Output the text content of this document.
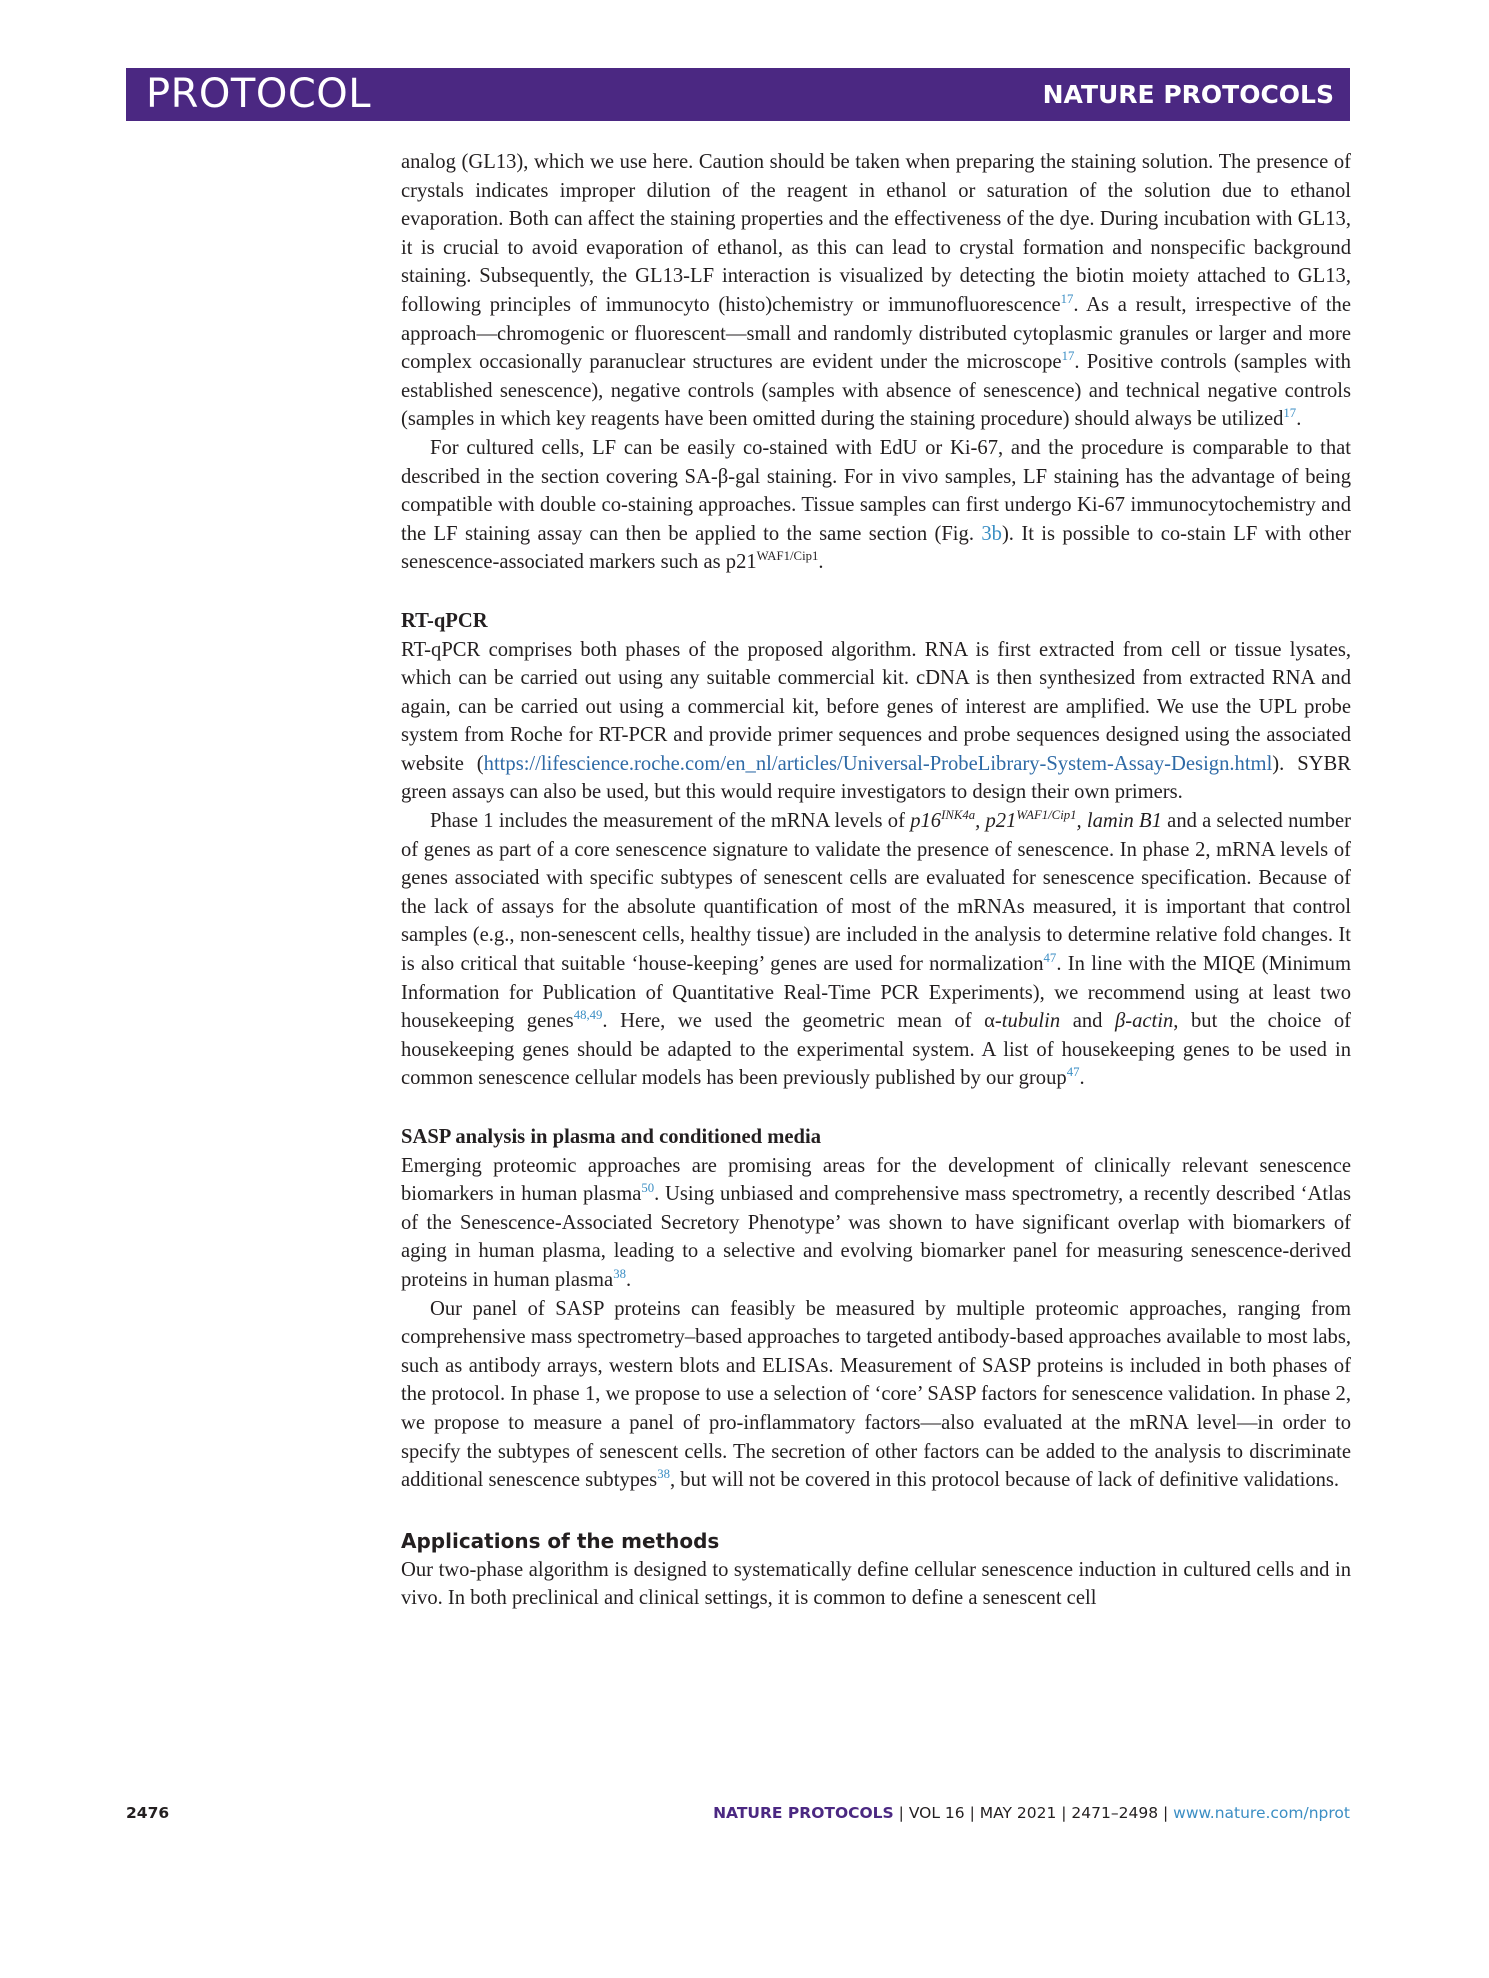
PROTOCOL	NATURE PROTOCOLS

analog (GL13), which we use here. Caution should be taken when preparing the staining solution. The presence of crystals indicates improper dilution of the reagent in ethanol or saturation of the solution due to ethanol evaporation. Both can affect the staining properties and the effectiveness of the dye. During incubation with GL13, it is crucial to avoid evaporation of ethanol, as this can lead to crystal formation and nonspecific background staining. Subsequently, the GL13-LF interaction is visualized by detecting the biotin moiety attached to GL13, following principles of immunocyto (histo)chemistry or immunofluorescence$^{17}$. As a result, irrespective of the approach—chromogenic or fluorescent—small and randomly distributed cytoplasmic granules or larger and more complex occasionally paranuclear structures are evident under the microscope$^{17}$. Positive controls (samples with established senescence), negative controls (samples with absence of senescence) and technical negative controls (samples in which key reagents have been omitted during the staining procedure) should always be utilized$^{17}$.

For cultured cells, LF can be easily co-stained with EdU or Ki-67, and the procedure is comparable to that described in the section covering SA-β-gal staining. For in vivo samples, LF staining has the advantage of being compatible with double co-staining approaches. Tissue samples can first undergo Ki-67 immunocytochemistry and the LF staining assay can then be applied to the same section (Fig. 3b). It is possible to co-stain LF with other senescence-associated markers such as $p21^{WAF1/Cip1}$.

RT-qPCR

RT-qPCR comprises both phases of the proposed algorithm. RNA is first extracted from cell or tissue lysates, which can be carried out using any suitable commercial kit. cDNA is then synthesized from extracted RNA and again, can be carried out using a commercial kit, before genes of interest are amplified. We use the UPL probe system from Roche for RT-PCR and provide primer sequences and probe sequences designed using the associated website (https://lifescience.roche.com/en_nl/articles/Universal-ProbeLibrary-System-Assay-Design.html). SYBR green assays can also be used, but this would require investigators to design their own primers.

Phase 1 includes the measurement of the mRNA levels of $p16^{INK4a}$, $p21^{WAF1/Cip1}$, lamin B1 and a selected number of genes as part of a core senescence signature to validate the presence of senescence. In phase 2, mRNA levels of genes associated with specific subtypes of senescent cells are evaluated for senescence specification. Because of the lack of assays for the absolute quantification of most of the mRNAs measured, it is important that control samples (e.g., non-senescent cells, healthy tissue) are included in the analysis to determine relative fold changes. It is also critical that suitable ‘house-keeping’ genes are used for normalization$^{47}$. In line with the MIQE (Minimum Information for Publication of Quantitative Real-Time PCR Experiments), we recommend using at least two housekeeping genes$^{48,49}$. Here, we used the geometric mean of α-tubulin and β-actin, but the choice of housekeeping genes should be adapted to the experimental system. A list of housekeeping genes to be used in common senescence cellular models has been previously published by our group$^{47}$.

SASP analysis in plasma and conditioned media

Emerging proteomic approaches are promising areas for the development of clinically relevant senescence biomarkers in human plasma$^{50}$. Using unbiased and comprehensive mass spectrometry, a recently described ‘Atlas of the Senescence-Associated Secretory Phenotype’ was shown to have significant overlap with biomarkers of aging in human plasma, leading to a selective and evolving biomarker panel for measuring senescence-derived proteins in human plasma$^{38}$.

Our panel of SASP proteins can feasibly be measured by multiple proteomic approaches, ranging from comprehensive mass spectrometry–based approaches to targeted antibody-based approaches available to most labs, such as antibody arrays, western blots and ELISAs. Measurement of SASP proteins is included in both phases of the protocol. In phase 1, we propose to use a selection of ‘core’ SASP factors for senescence validation. In phase 2, we propose to measure a panel of pro-inflammatory factors—also evaluated at the mRNA level—in order to specify the subtypes of senescent cells. The secretion of other factors can be added to the analysis to discriminate additional senescence subtypes$^{38}$, but will not be covered in this protocol because of lack of definitive validations.

Applications of the methods

Our two-phase algorithm is designed to systematically define cellular senescence induction in cultured cells and in vivo. In both preclinical and clinical settings, it is common to define a senescent cell

2476	NATURE PROTOCOLS | VOL 16 | MAY 2021 | 2471–2498 | www.nature.com/nprot
